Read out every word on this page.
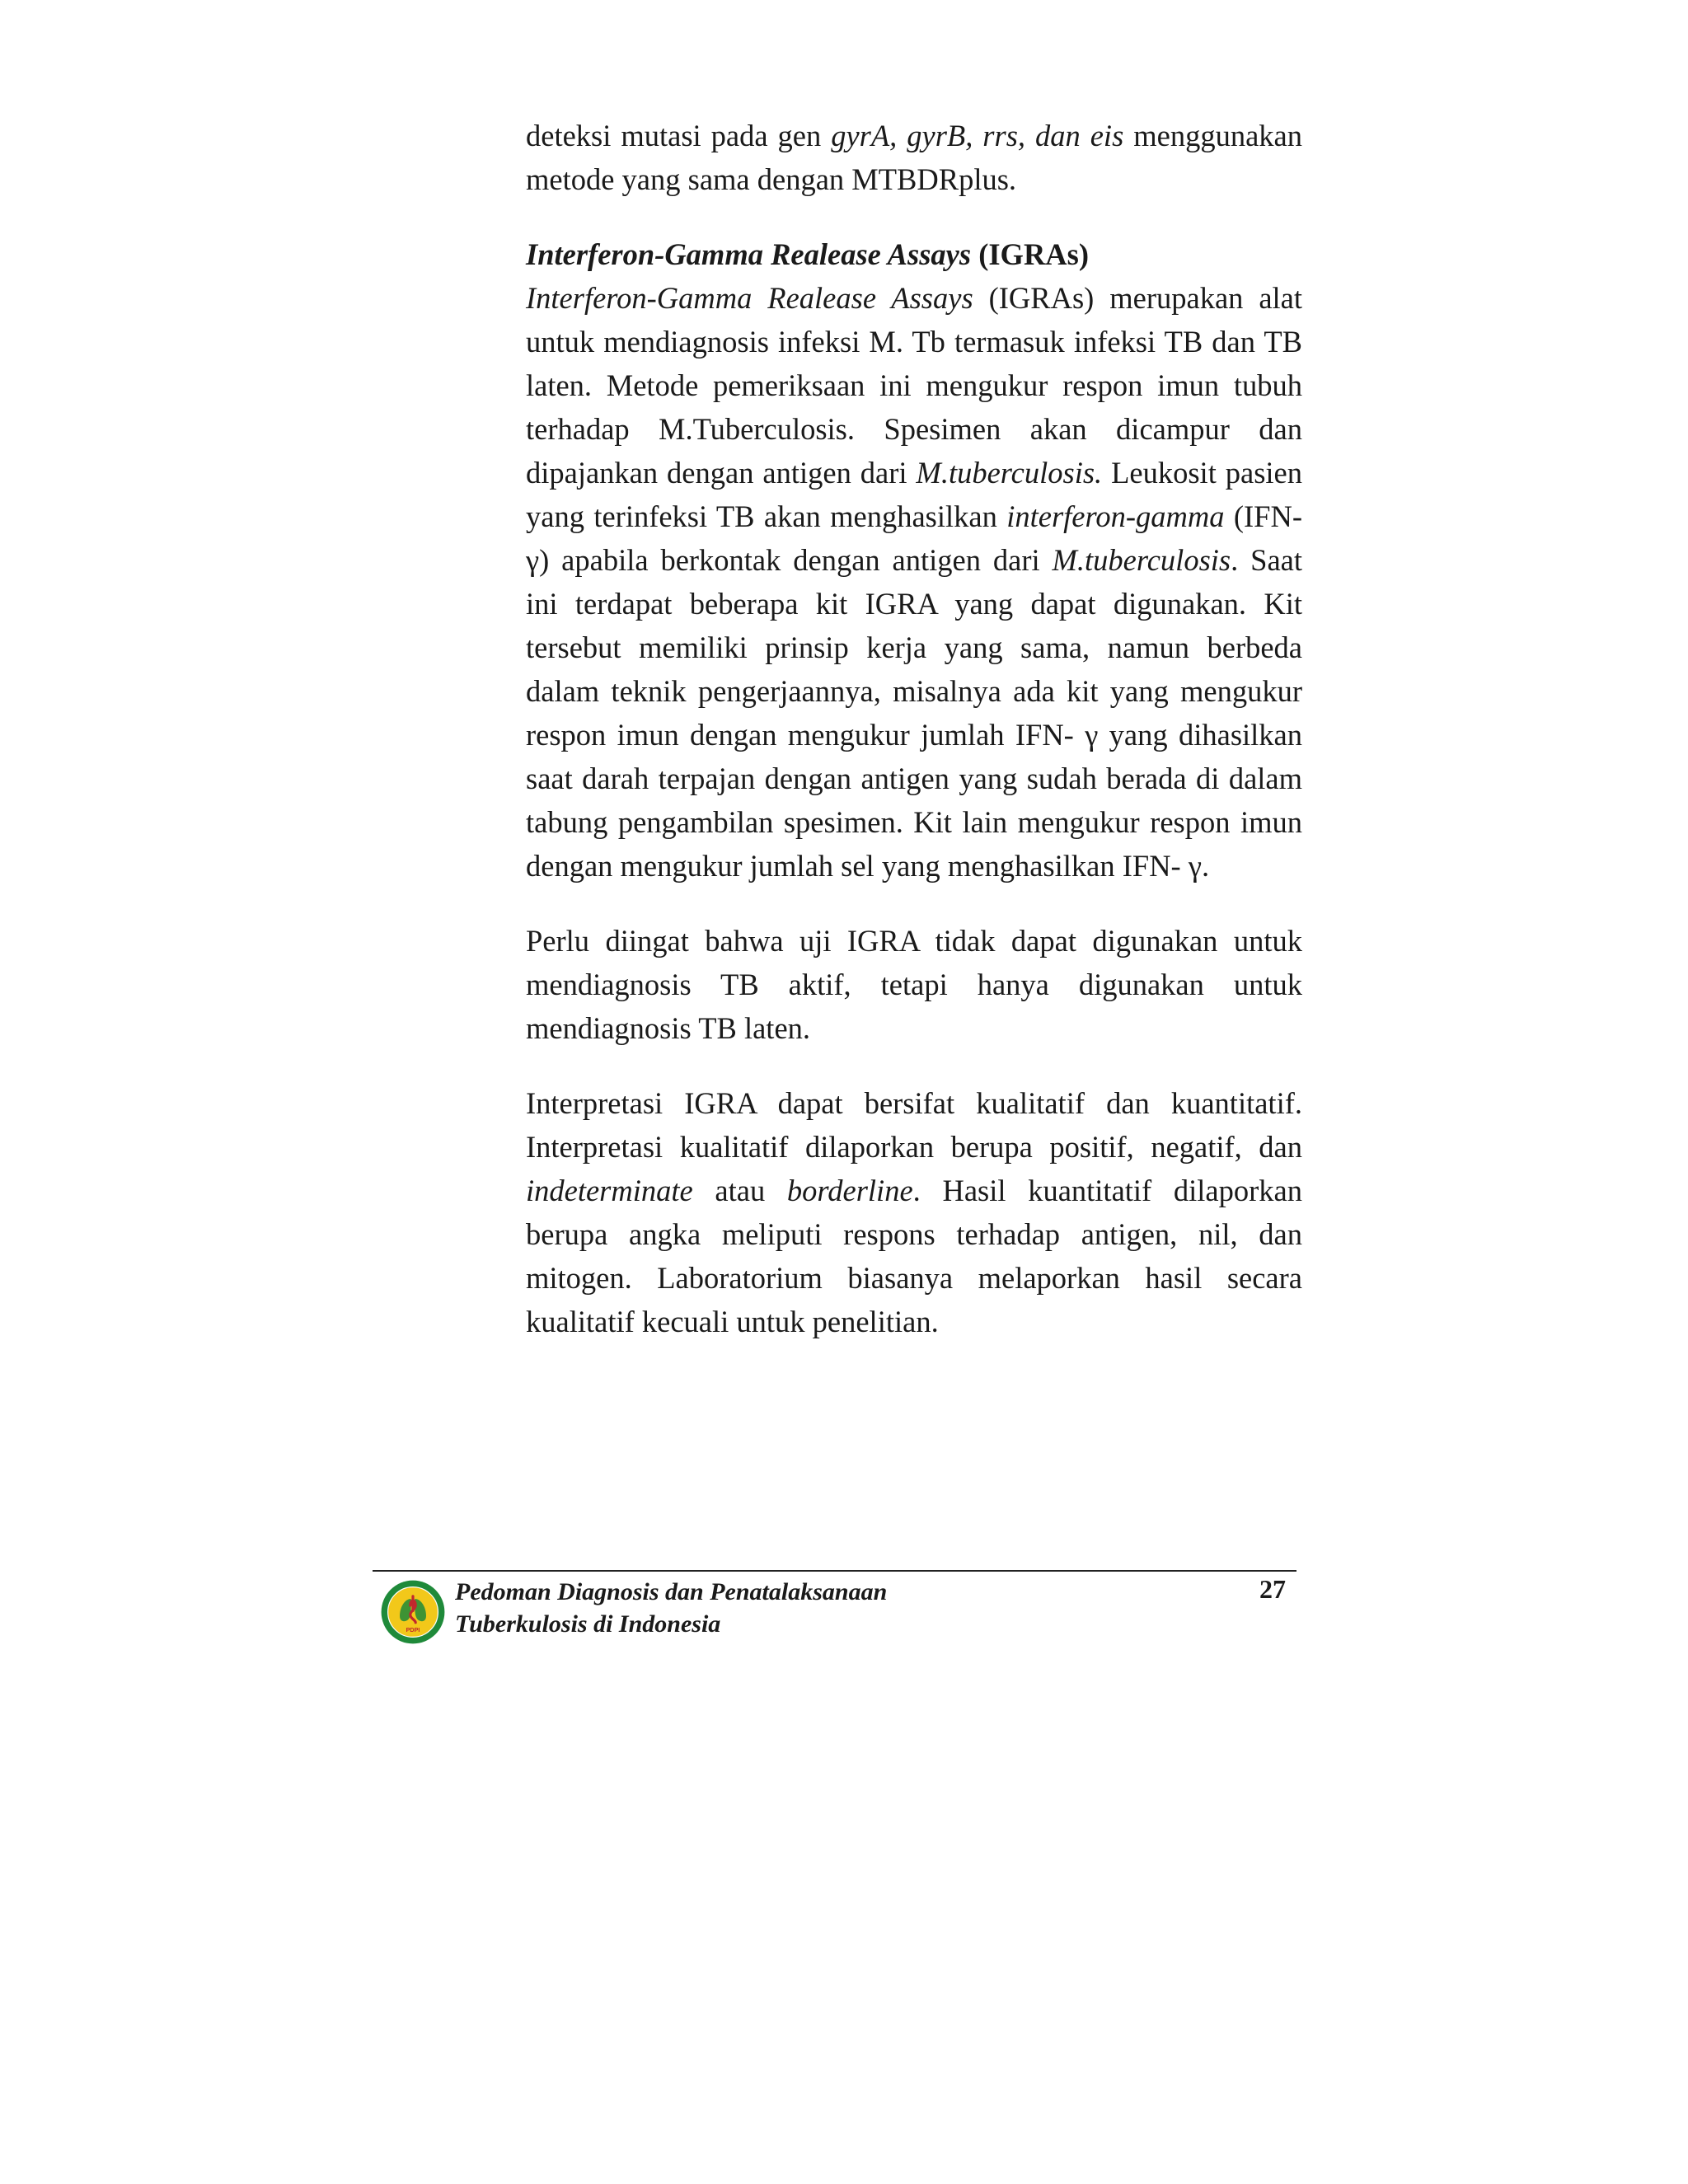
deteksi mutasi pada gen gyrA, gyrB, rrs, dan eis menggunakan metode yang sama dengan MTBDRplus.

Interferon-Gamma Realease Assays (IGRAs)

Interferon-Gamma Realease Assays (IGRAs) merupakan alat untuk mendiagnosis infeksi M. Tb termasuk infeksi TB dan TB laten. Metode pemeriksaan ini mengukur respon imun tubuh terhadap M.Tuberculosis. Spesimen akan dicampur dan dipajankan dengan antigen dari M.tuberculosis. Leukosit pasien yang terinfeksi TB akan menghasilkan interferon-gamma (IFN-γ) apabila berkontak dengan antigen dari M.tuberculosis. Saat ini terdapat beberapa kit IGRA yang dapat digunakan. Kit tersebut memiliki prinsip kerja yang sama, namun berbeda dalam teknik pengerjaannya, misalnya ada kit yang mengukur respon imun dengan mengukur jumlah IFN- γ yang dihasilkan saat darah terpajan dengan antigen yang sudah berada di dalam tabung pengambilan spesimen. Kit lain mengukur respon imun dengan mengukur jumlah sel yang menghasilkan IFN- γ.

Perlu diingat bahwa uji IGRA tidak dapat digunakan untuk mendiagnosis TB aktif, tetapi hanya digunakan untuk mendiagnosis TB laten.

Interpretasi IGRA dapat bersifat kualitatif dan kuantitatif. Interpretasi kualitatif dilaporkan berupa positif, negatif, dan indeterminate atau borderline. Hasil kuantitatif dilaporkan berupa angka meliputi respons terhadap antigen, nil, dan mitogen. Laboratorium biasanya melaporkan hasil secara kualitatif kecuali untuk penelitian.

PDPI
Pedoman Diagnosis dan Penatalaksanaan
Tuberkulosis di Indonesia
27
